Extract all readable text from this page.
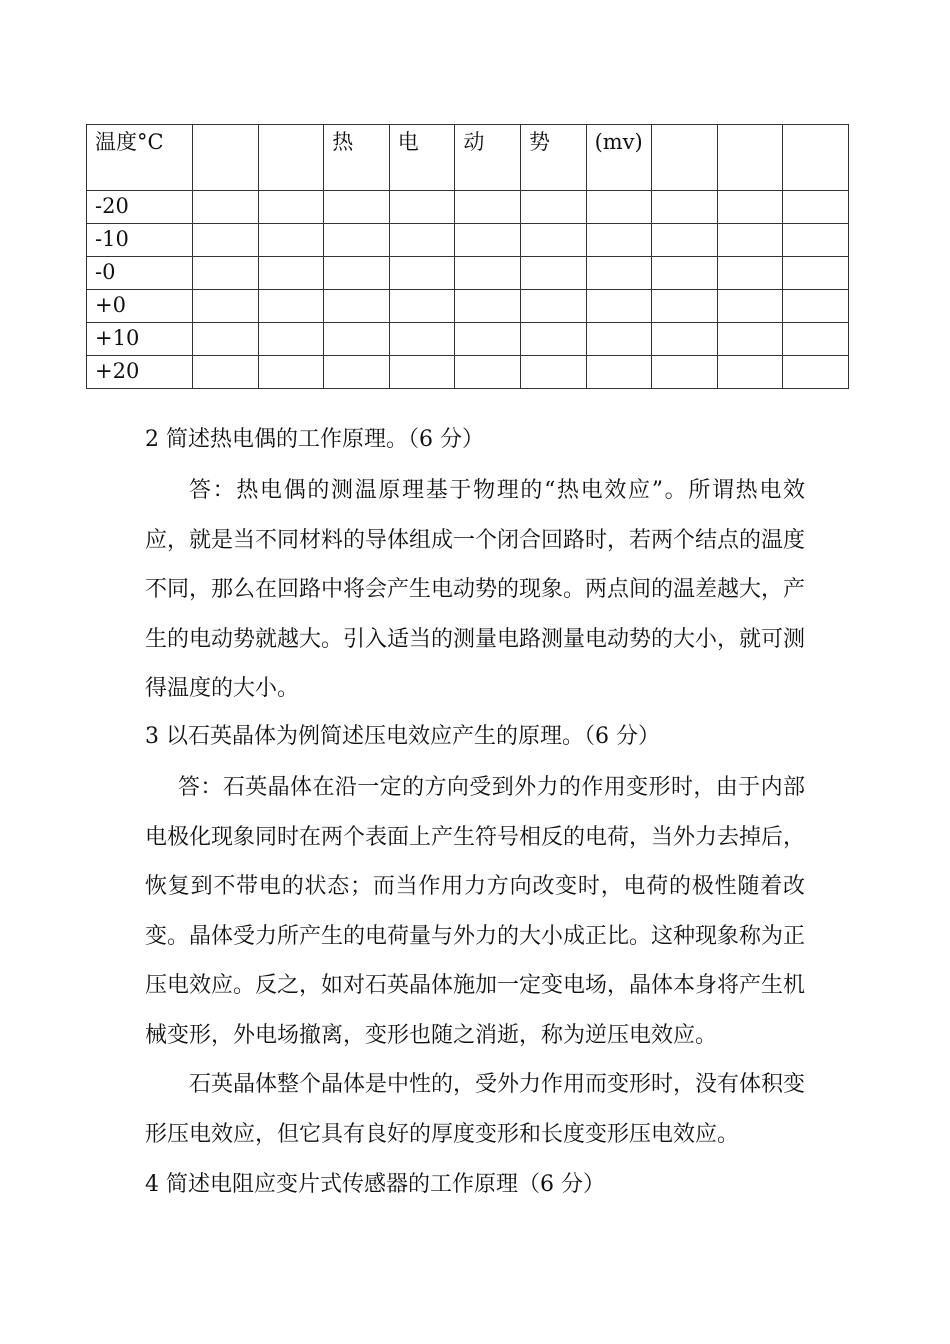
温度°C			热	电	动	势	(mv)			
-20										
-10										
-0										
+0										
+10										
+20										
2 简述热电偶的工作原理。（6 分）

答：热电偶的测温原理基于物理的“热电效应”。所谓热电效应，就是当不同材料的导体组成一个闭合回路时，若两个结点的温度不同，那么在回路中将会产生电动势的现象。两点间的温差越大，产生的电动势就越大。引入适当的测量电路测量电动势的大小，就可测得温度的大小。

3 以石英晶体为例简述压电效应产生的原理。（6 分）

答：石英晶体在沿一定的方向受到外力的作用变形时，由于内部电极化现象同时在两个表面上产生符号相反的电荷，当外力去掉后，恢复到不带电的状态；而当作用力方向改变时，电荷的极性随着改变。晶体受力所产生的电荷量与外力的大小成正比。这种现象称为正压电效应。反之，如对石英晶体施加一定变电场，晶体本身将产生机械变形，外电场撤离，变形也随之消逝，称为逆压电效应。

石英晶体整个晶体是中性的，受外力作用而变形时，没有体积变形压电效应，但它具有良好的厚度变形和长度变形压电效应。

4 简述电阻应变片式传感器的工作原理（6 分）
